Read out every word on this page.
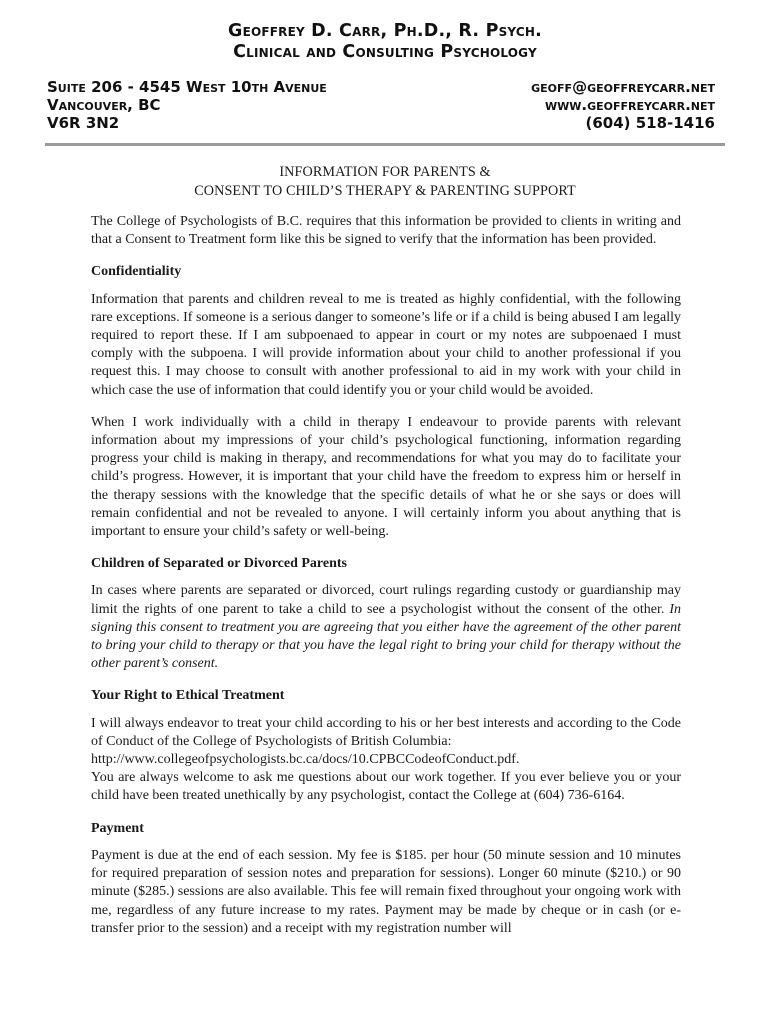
Geoffrey D. Carr, Ph.D., R. Psych.
Clinical and Consulting Psychology
Suite 206 - 4545 West 10th Avenue
Vancouver, BC
V6R 3N2
geoff@geoffreycarr.net
www.geoffreycarr.net
(604) 518-1416
INFORMATION FOR PARENTS &
CONSENT TO CHILD’S THERAPY & PARENTING SUPPORT

The College of Psychologists of B.C. requires that this information be provided to clients in writing and that a Consent to Treatment form like this be signed to verify that the information has been provided.

Confidentiality

Information that parents and children reveal to me is treated as highly confidential, with the following rare exceptions. If someone is a serious danger to someone’s life or if a child is being abused I am legally required to report these. If I am subpoenaed to appear in court or my notes are subpoenaed I must comply with the subpoena. I will provide information about your child to another professional if you request this. I may choose to consult with another professional to aid in my work with your child in which case the use of information that could identify you or your child would be avoided.

When I work individually with a child in therapy I endeavour to provide parents with relevant information about my impressions of your child’s psychological functioning, information regarding progress your child is making in therapy, and recommendations for what you may do to facilitate your child’s progress. However, it is important that your child have the freedom to express him or herself in the therapy sessions with the knowledge that the specific details of what he or she says or does will remain confidential and not be revealed to anyone. I will certainly inform you about anything that is important to ensure your child’s safety or well-being.

Children of Separated or Divorced Parents

In cases where parents are separated or divorced, court rulings regarding custody or guardianship may limit the rights of one parent to take a child to see a psychologist without the consent of the other. In signing this consent to treatment you are agreeing that you either have the agreement of the other parent to bring your child to therapy or that you have the legal right to bring your child for therapy without the other parent’s consent.

Your Right to Ethical Treatment

I will always endeavor to treat your child according to his or her best interests and according to the Code of Conduct of the College of Psychologists of British Columbia:
http://www.collegeofpsychologists.bc.ca/docs/10.CPBCCodeofConduct.pdf.
You are always welcome to ask me questions about our work together. If you ever believe you or your child have been treated unethically by any psychologist, contact the College at (604) 736-6164.

Payment

Payment is due at the end of each session. My fee is $185. per hour (50 minute session and 10 minutes for required preparation of session notes and preparation for sessions). Longer 60 minute ($210.) or 90 minute ($285.) sessions are also available. This fee will remain fixed throughout your ongoing work with me, regardless of any future increase to my rates. Payment may be made by cheque or in cash (or e-transfer prior to the session) and a receipt with my registration number will
